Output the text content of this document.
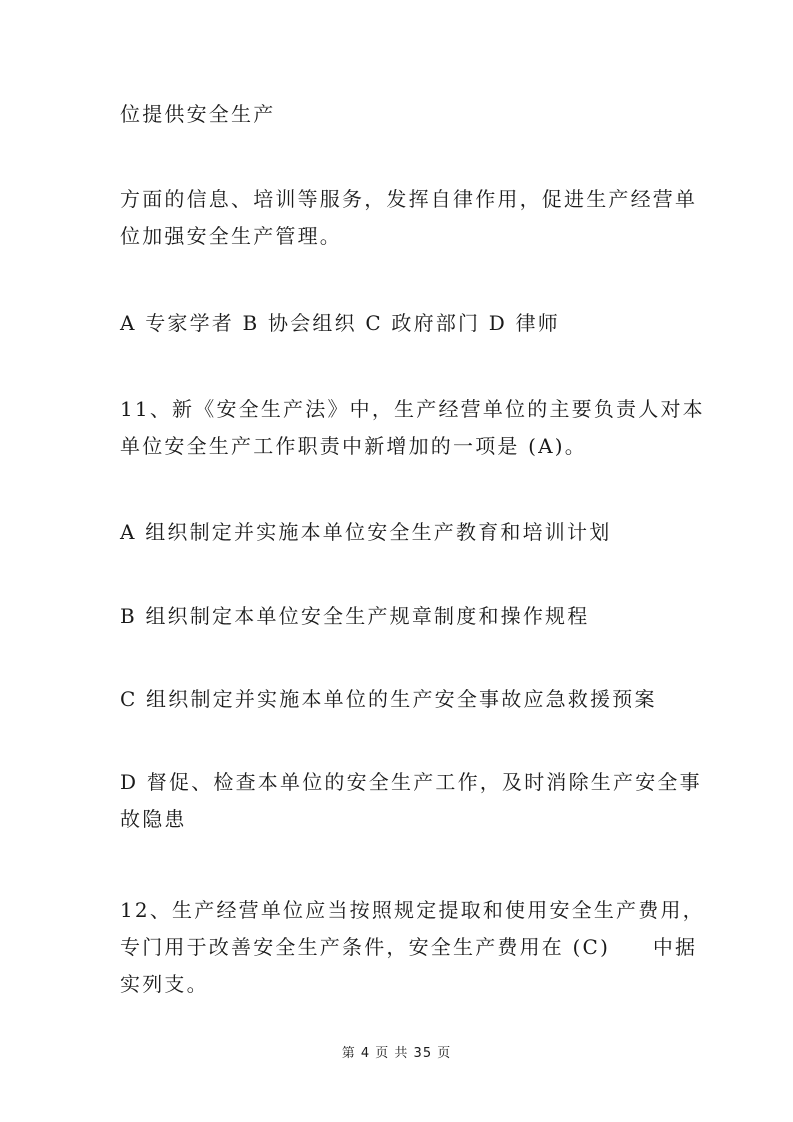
位提供安全生产

方面的信息、培训等服务，发挥自律作用，促进生产经营单
位加强安全生产管理。

A 专家学者 B 协会组织 C 政府部门 D 律师

11、新《安全生产法》中，生产经营单位的主要负责人对本
单位安全生产工作职责中新增加的一项是 (A)。

A 组织制定并实施本单位安全生产教育和培训计划

B 组织制定本单位安全生产规章制度和操作规程

C 组织制定并实施本单位的生产安全事故应急救援预案

D 督促、检查本单位的安全生产工作，及时消除生产安全事
故隐患

12、生产经营单位应当按照规定提取和使用安全生产费用，
专门用于改善安全生产条件，安全生产费用在 (C)     中据
实列支。

第 4 页 共 35 页
